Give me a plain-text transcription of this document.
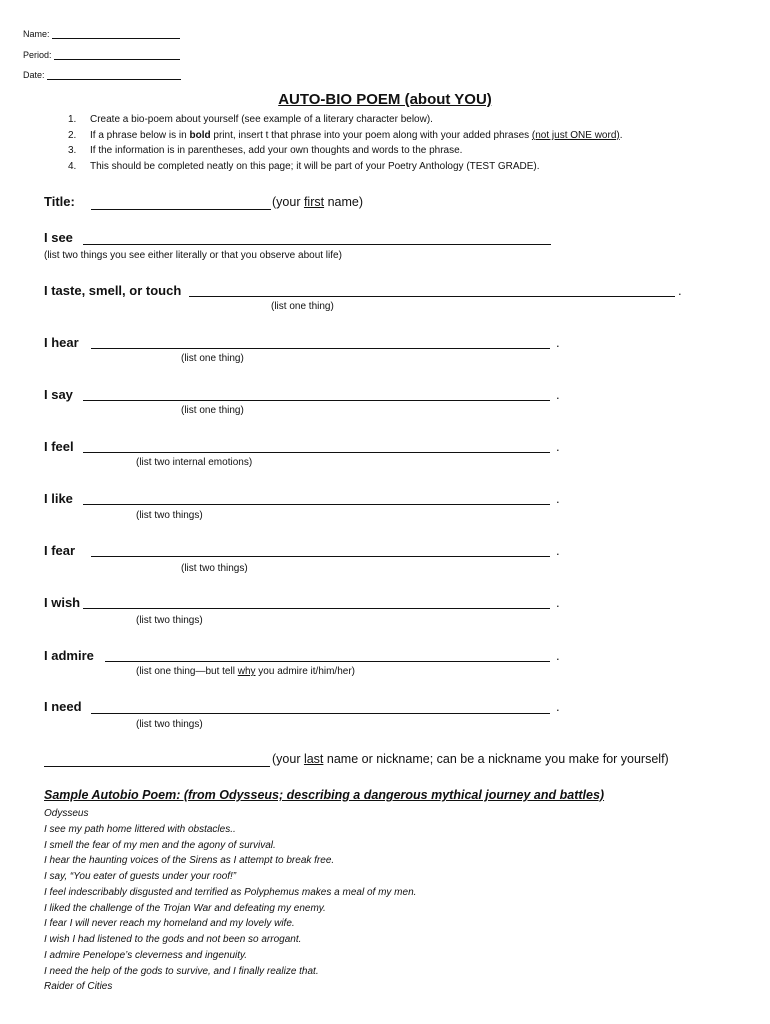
Name:
Period:
Date:
AUTO-BIO POEM (about YOU)
1.	Create a bio-poem about yourself (see example of a literary character below).
2.	If a phrase below is in bold print, insert t that phrase into your poem along with your added phrases (not just ONE word).
3.	If the information is in parentheses, add your own thoughts and words to the phrase.
4.	This should be completed neatly on this page; it will be part of your Poetry Anthology (TEST GRADE).
Title:	(your first name)
I see
(list two things you see either literally or that you observe about life)
I taste, smell, or touch	.
(list one thing)
I hear	.
(list one thing)
I say	.
(list one thing)
I feel	.
(list two internal emotions)
I like	.
(list two things)
I fear	.
(list two things)
I wish	.
(list two things)
I admire	.
(list one thing—but tell why you admire it/him/her)
I need	.
(list two things)
(your last name or nickname; can be a nickname you make for yourself)
Sample Autobio Poem: (from Odysseus; describing a dangerous mythical journey and battles)
Odysseus
I see my path home littered with obstacles..
I smell the fear of my men and the agony of survival.
I hear the haunting voices of the Sirens as I attempt to break free.
I say, “You eater of guests under your roof!”
I feel indescribably disgusted and terrified as Polyphemus makes a meal of my men.
I liked the challenge of the Trojan War and defeating my enemy.
I fear I will never reach my homeland and my lovely wife.
I wish I had listened to the gods and not been so arrogant.
I admire Penelope’s cleverness and ingenuity.
I need the help of the gods to survive, and I finally realize that.
Raider of Cities
